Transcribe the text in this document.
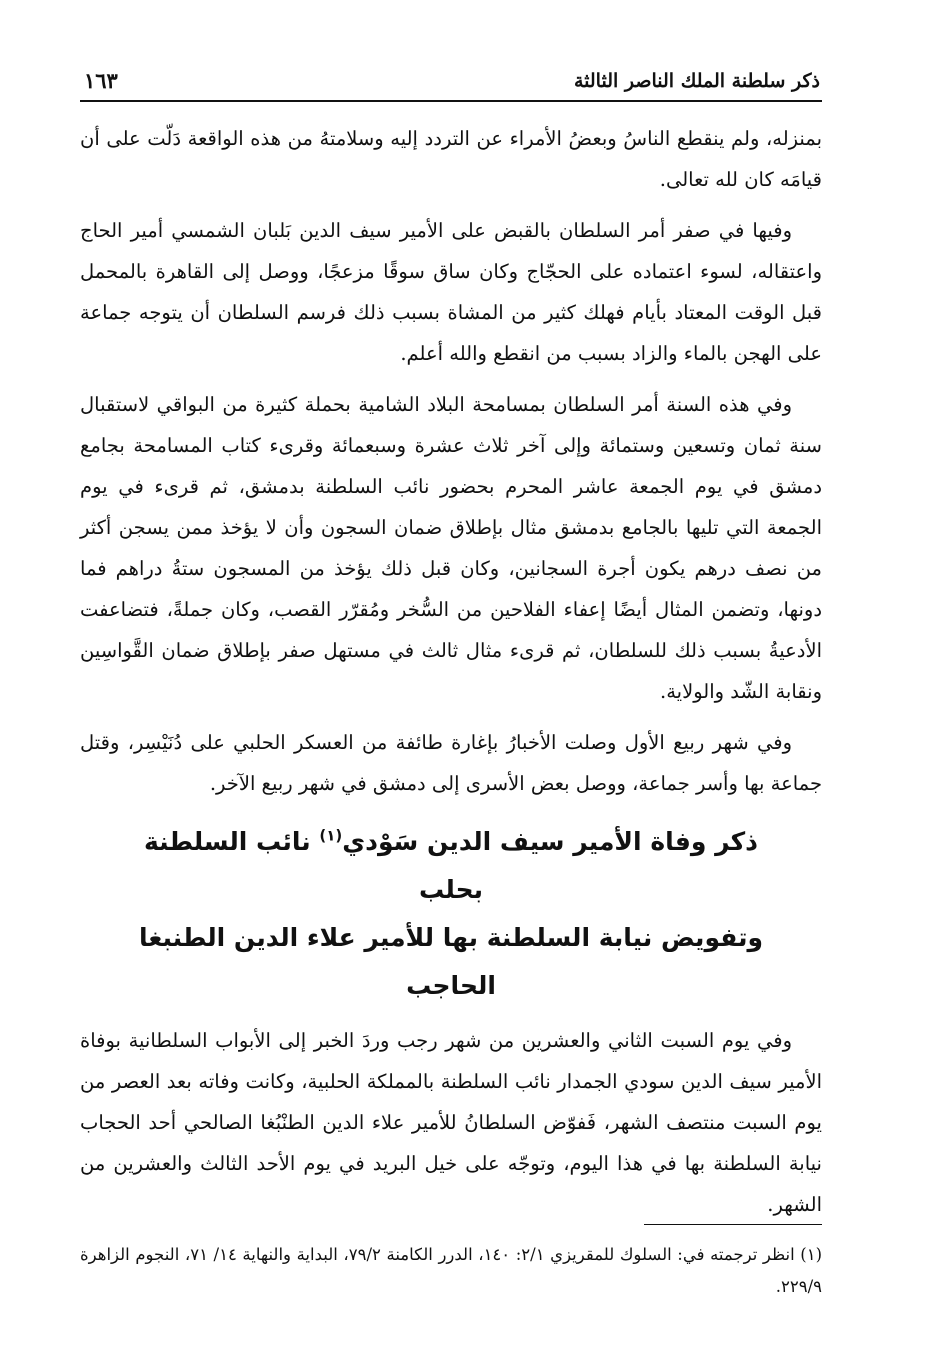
ذكر سلطنة الملك الناصر الثالثة
١٦٣

بمنزله، ولم ينقطع الناسُ وبعضُ الأمراء عن التردد إليه وسلامتهُ من هذه الواقعة دَلّت على أن قيامَه كان لله تعالى.

وفيها في صفر أمر السلطان بالقبض على الأمير سيف الدين بَلبان الشمسي أمير الحاج واعتقاله، لسوء اعتماده على الحجّاج وكان ساق سوقًا مزعجًا، ووصل إلى القاهرة بالمحمل قبل الوقت المعتاد بأيام فهلك كثير من المشاة بسبب ذلك فرسم السلطان أن يتوجه جماعة على الهجن بالماء والزاد بسبب من انقطع والله أعلم.

وفي هذه السنة أمر السلطان بمسامحة البلاد الشامية بحملة كثيرة من البواقي لاستقبال سنة ثمان وتسعين وستمائة وإلى آخر ثلاث عشرة وسبعمائة وقرىء كتاب المسامحة بجامع دمشق في يوم الجمعة عاشر المحرم بحضور نائب السلطنة بدمشق، ثم قرىء في يوم الجمعة التي تليها بالجامع بدمشق مثال بإطلاق ضمان السجون وأن لا يؤخذ ممن يسجن أكثر من نصف درهم يكون أجرة السجانين، وكان قبل ذلك يؤخذ من المسجون ستةُ دراهم فما دونها، وتضمن المثال أيضًا إعفاء الفلاحين من السُّخر ومُقرّر القصب، وكان جملةً، فتضاعفت الأدعيةُ بسبب ذلك للسلطان، ثم قرىء مثال ثالث في مستهل صفر بإطلاق ضمان القَّواسِين ونقابة الشّد والولاية.

وفي شهر ربيع الأول وصلت الأخبارُ بإغارة طائفة من العسكر الحلبي على دُنَيْسِر، وقتل جماعة بها وأسر جماعة، ووصل بعض الأسرى إلى دمشق في شهر ربيع الآخر.

ذكر وفاة الأمير سيف الدين سَوْدي$^{(١)}$ نائب السلطنة بحلب
وتفويض نيابة السلطنة بها للأمير علاء الدين الطنبغا الحاجب

وفي يوم السبت الثاني والعشرين من شهر رجب وردَ الخبر إلى الأبواب السلطانية بوفاة الأمير سيف الدين سودي الجمدار نائب السلطنة بالمملكة الحلبية، وكانت وفاته بعد العصر من يوم السبت منتصف الشهر، فَفوّض السلطانُ للأمير علاء الدين الطنْبُغا الصالحي أحد الحجاب نيابة السلطنة بها في هذا اليوم، وتوجّه على خيل البريد في يوم الأحد الثالث والعشرين من الشهر.

(١) انظر ترجمته في: السلوك للمقريزي ٢/١: ١٤٠، الدرر الكامنة ٧٩/٢، البداية والنهاية ١٤/ ٧١، النجوم الزاهرة ٢٢٩/٩.
